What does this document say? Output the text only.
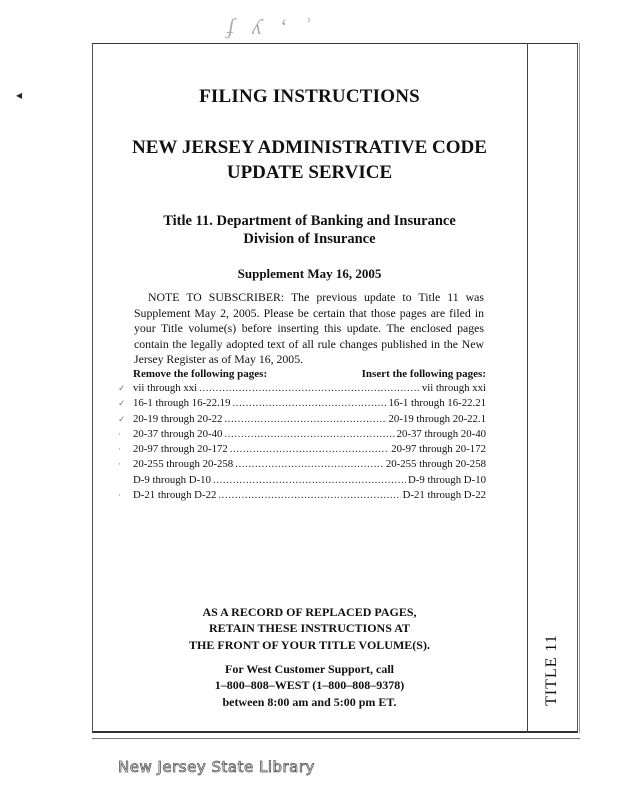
ʄ ʎ ʻ ʾ
◂
TITLE 11
FILING INSTRUCTIONS
NEW JERSEY ADMINISTRATIVE CODE
UPDATE SERVICE
Title 11. Department of Banking and Insurance
Division of Insurance
Supplement May 16, 2005
NOTE TO SUBSCRIBER: The previous update to Title 11 was Supplement May 2, 2005. Please be certain that those pages are filed in your Title volume(s) before inserting this update. The enclosed pages contain the legally adopted text of all rule changes published in the New Jersey Register as of May 16, 2005.
Remove the following pages:	Insert the following pages:
✓ vii through xxi .....	vii through xxi
✓ 16-1 through 16-22.19 .....	16-1 through 16-22.21
✓ 20-19 through 20-22 .....	20-19 through 20-22.1
·	20-37 through 20-40 .....	20-37 through 20-40
·	20-97 through 20-172 .....	20-97 through 20-172
·	20-255 through 20-258 .....	20-255 through 20-258
D-9 through D-10 .....	D-9 through D-10
·	D-21 through D-22 .....	D-21 through D-22
AS A RECORD OF REPLACED PAGES,
RETAIN THESE INSTRUCTIONS AT
THE FRONT OF YOUR TITLE VOLUME(S).
For West Customer Support, call
1–800–808–WEST (1–800–808–9378)
between 8:00 am and 5:00 pm ET.
New Jersey State Library
